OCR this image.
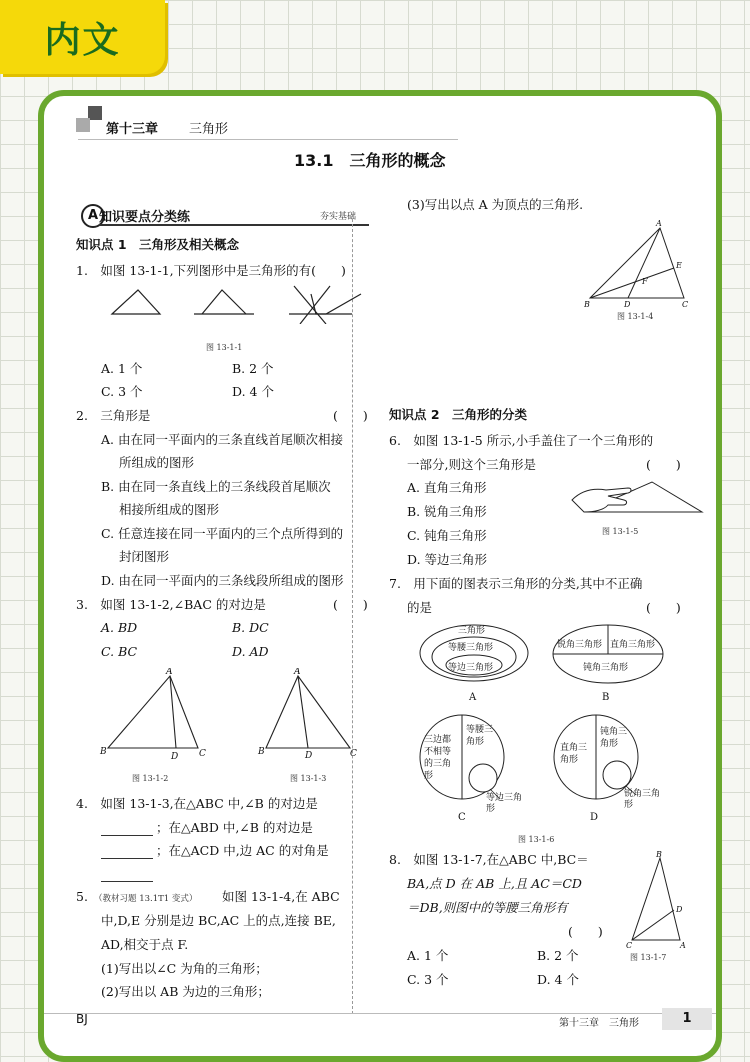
内文
第十三章 三角形
13.1　三角形的概念
A 知识要点分类练	夯实基础
知识点 1　三角形及相关概念
1.　如图 13-1-1,下列图形中是三角形的有(　　)
图 13-1-1
A. 1 个	B. 2 个
C. 3 个	D. 4 个
2.　三角形是	(　　)
A. 由在同一平面内的三条直线首尾顺次相接
所组成的图形
B. 由在同一条直线上的三条线段首尾顺次
相接所组成的图形
C. 任意连接在同一平面内的三个点所得到的
封闭图形
D. 由在同一平面内的三条线段所组成的图形
3.　如图 13-1-2,∠BAC 的对边是	(　　)
A. BD	B. DC
C. BC	D. AD
A
B	D C
A
B	D	C
图 13-1-2	图 13-1-3
4.　如图 13-1-3,在△ABC 中,∠B 的对边是
；在△ABD 中,∠B 的对边是
；在△ACD 中,边 AC 的对角是
5. （教材习题 13.1T1 变式） 如图 13-1-4,在 ABC
中,D,E 分别是边 BC,AC 上的点,连接 BE,
AD,相交于点 F.
(1)写出以∠C 为角的三角形；
(2)写出以 AB 为边的三角形；
(3)写出以点 A 为顶点的三角形.
A
B	D	C
E
F
图 13-1-4
知识点 2　三角形的分类
6.　如图 13-1-5 所示,小手盖住了一个三角形的
一部分,则这个三角形是	(　　)
A. 直角三角形
B. 锐角三角形
C. 钝角三角形
D. 等边三角形
图 13-1-5
7.　用下面的图表示三角形的分类,其中不正确
的是	(　　)
三角形
等腰三角形
等边三角形
A
锐角三角形 直角三角形
钝角三角形
B
三边都不相等的三角形
等腰三角形
等边三角形
C
直角三角形
钝角三角形
锐角三角形
D
图 13-1-6
8.　如图 13-1-7,在△ABC 中,BC＝
BA,点 D 在 AB 上,且 AC＝CD
＝DB,则图中的等腰三角形有
(　　)
A. 1 个	B. 2 个
C. 3 个	D. 4 个
B
C	A
D
图 13-1-7
BJ	第十三章　三角形	1
